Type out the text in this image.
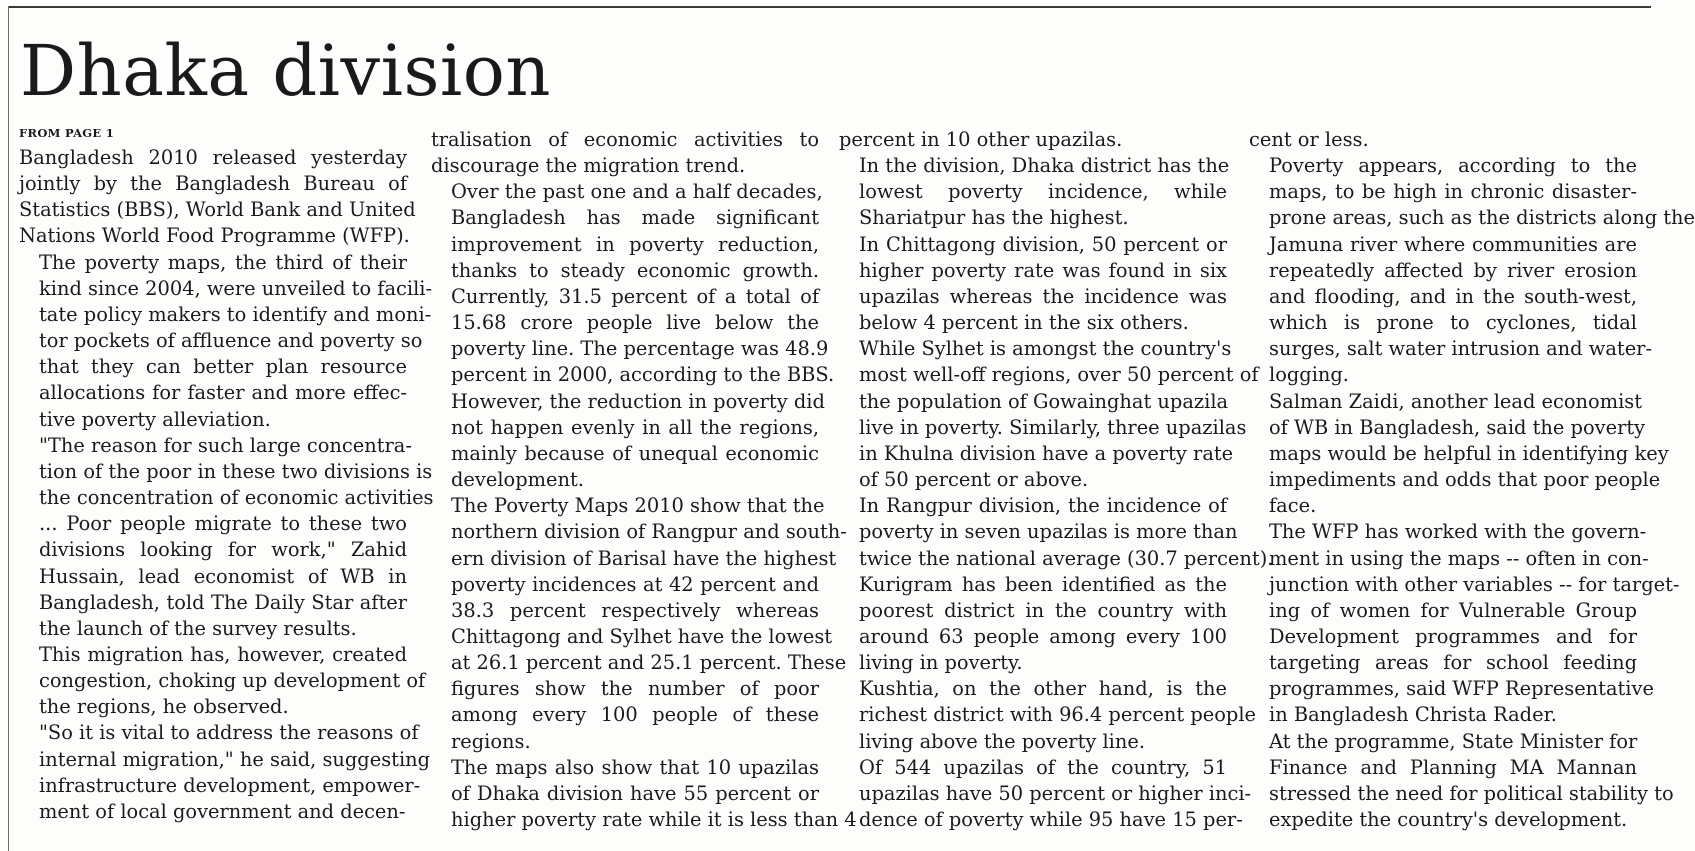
Dhaka division
FROM PAGE 1
Bangladesh 2010 released yesterday
jointly by the Bangladesh Bureau of
Statistics (BBS), World Bank and United
Nations World Food Programme (WFP).
The poverty maps, the third of their
kind since 2004, were unveiled to facili-
tate policy makers to identify and moni-
tor pockets of affluence and poverty so
that they can better plan resource
allocations for faster and more effec-
tive poverty alleviation.
"The reason for such large concentra-
tion of the poor in these two divisions is
the concentration of economic activities
... Poor people migrate to these two
divisions looking for work," Zahid
Hussain, lead economist of WB in
Bangladesh, told The Daily Star after
the launch of the survey results.
This migration has, however, created
congestion, choking up development of
the regions, he observed.
"So it is vital to address the reasons of
internal migration," he said, suggesting
infrastructure development, empower-
ment of local government and decen-
tralisation of economic activities to
discourage the migration trend.
Over the past one and a half decades,
Bangladesh has made significant
improvement in poverty reduction,
thanks to steady economic growth.
Currently, 31.5 percent of a total of
15.68 crore people live below the
poverty line. The percentage was 48.9
percent in 2000, according to the BBS.
However, the reduction in poverty did
not happen evenly in all the regions,
mainly because of unequal economic
development.
The Poverty Maps 2010 show that the
northern division of Rangpur and south-
ern division of Barisal have the highest
poverty incidences at 42 percent and
38.3 percent respectively whereas
Chittagong and Sylhet have the lowest
at 26.1 percent and 25.1 percent. These
figures show the number of poor
among every 100 people of these
regions.
The maps also show that 10 upazilas
of Dhaka division have 55 percent or
higher poverty rate while it is less than 4
percent in 10 other upazilas.
In the division, Dhaka district has the
lowest poverty incidence, while
Shariatpur has the highest.
In Chittagong division, 50 percent or
higher poverty rate was found in six
upazilas whereas the incidence was
below 4 percent in the six others.
While Sylhet is amongst the country's
most well-off regions, over 50 percent of
the population of Gowainghat upazila
live in poverty. Similarly, three upazilas
in Khulna division have a poverty rate
of 50 percent or above.
In Rangpur division, the incidence of
poverty in seven upazilas is more than
twice the national average (30.7 percent).
Kurigram has been identified as the
poorest district in the country with
around 63 people among every 100
living in poverty.
Kushtia, on the other hand, is the
richest district with 96.4 percent people
living above the poverty line.
Of 544 upazilas of the country, 51
upazilas have 50 percent or higher inci-
dence of poverty while 95 have 15 per-
cent or less.
Poverty appears, according to the
maps, to be high in chronic disaster-
prone areas, such as the districts along the
Jamuna river where communities are
repeatedly affected by river erosion
and flooding, and in the south-west,
which is prone to cyclones, tidal
surges, salt water intrusion and water-
logging.
Salman Zaidi, another lead economist
of WB in Bangladesh, said the poverty
maps would be helpful in identifying key
impediments and odds that poor people
face.
The WFP has worked with the govern-
ment in using the maps -- often in con-
junction with other variables -- for target-
ing of women for Vulnerable Group
Development programmes and for
targeting areas for school feeding
programmes, said WFP Representative
in Bangladesh Christa Rader.
At the programme, State Minister for
Finance and Planning MA Mannan
stressed the need for political stability to
expedite the country's development.
